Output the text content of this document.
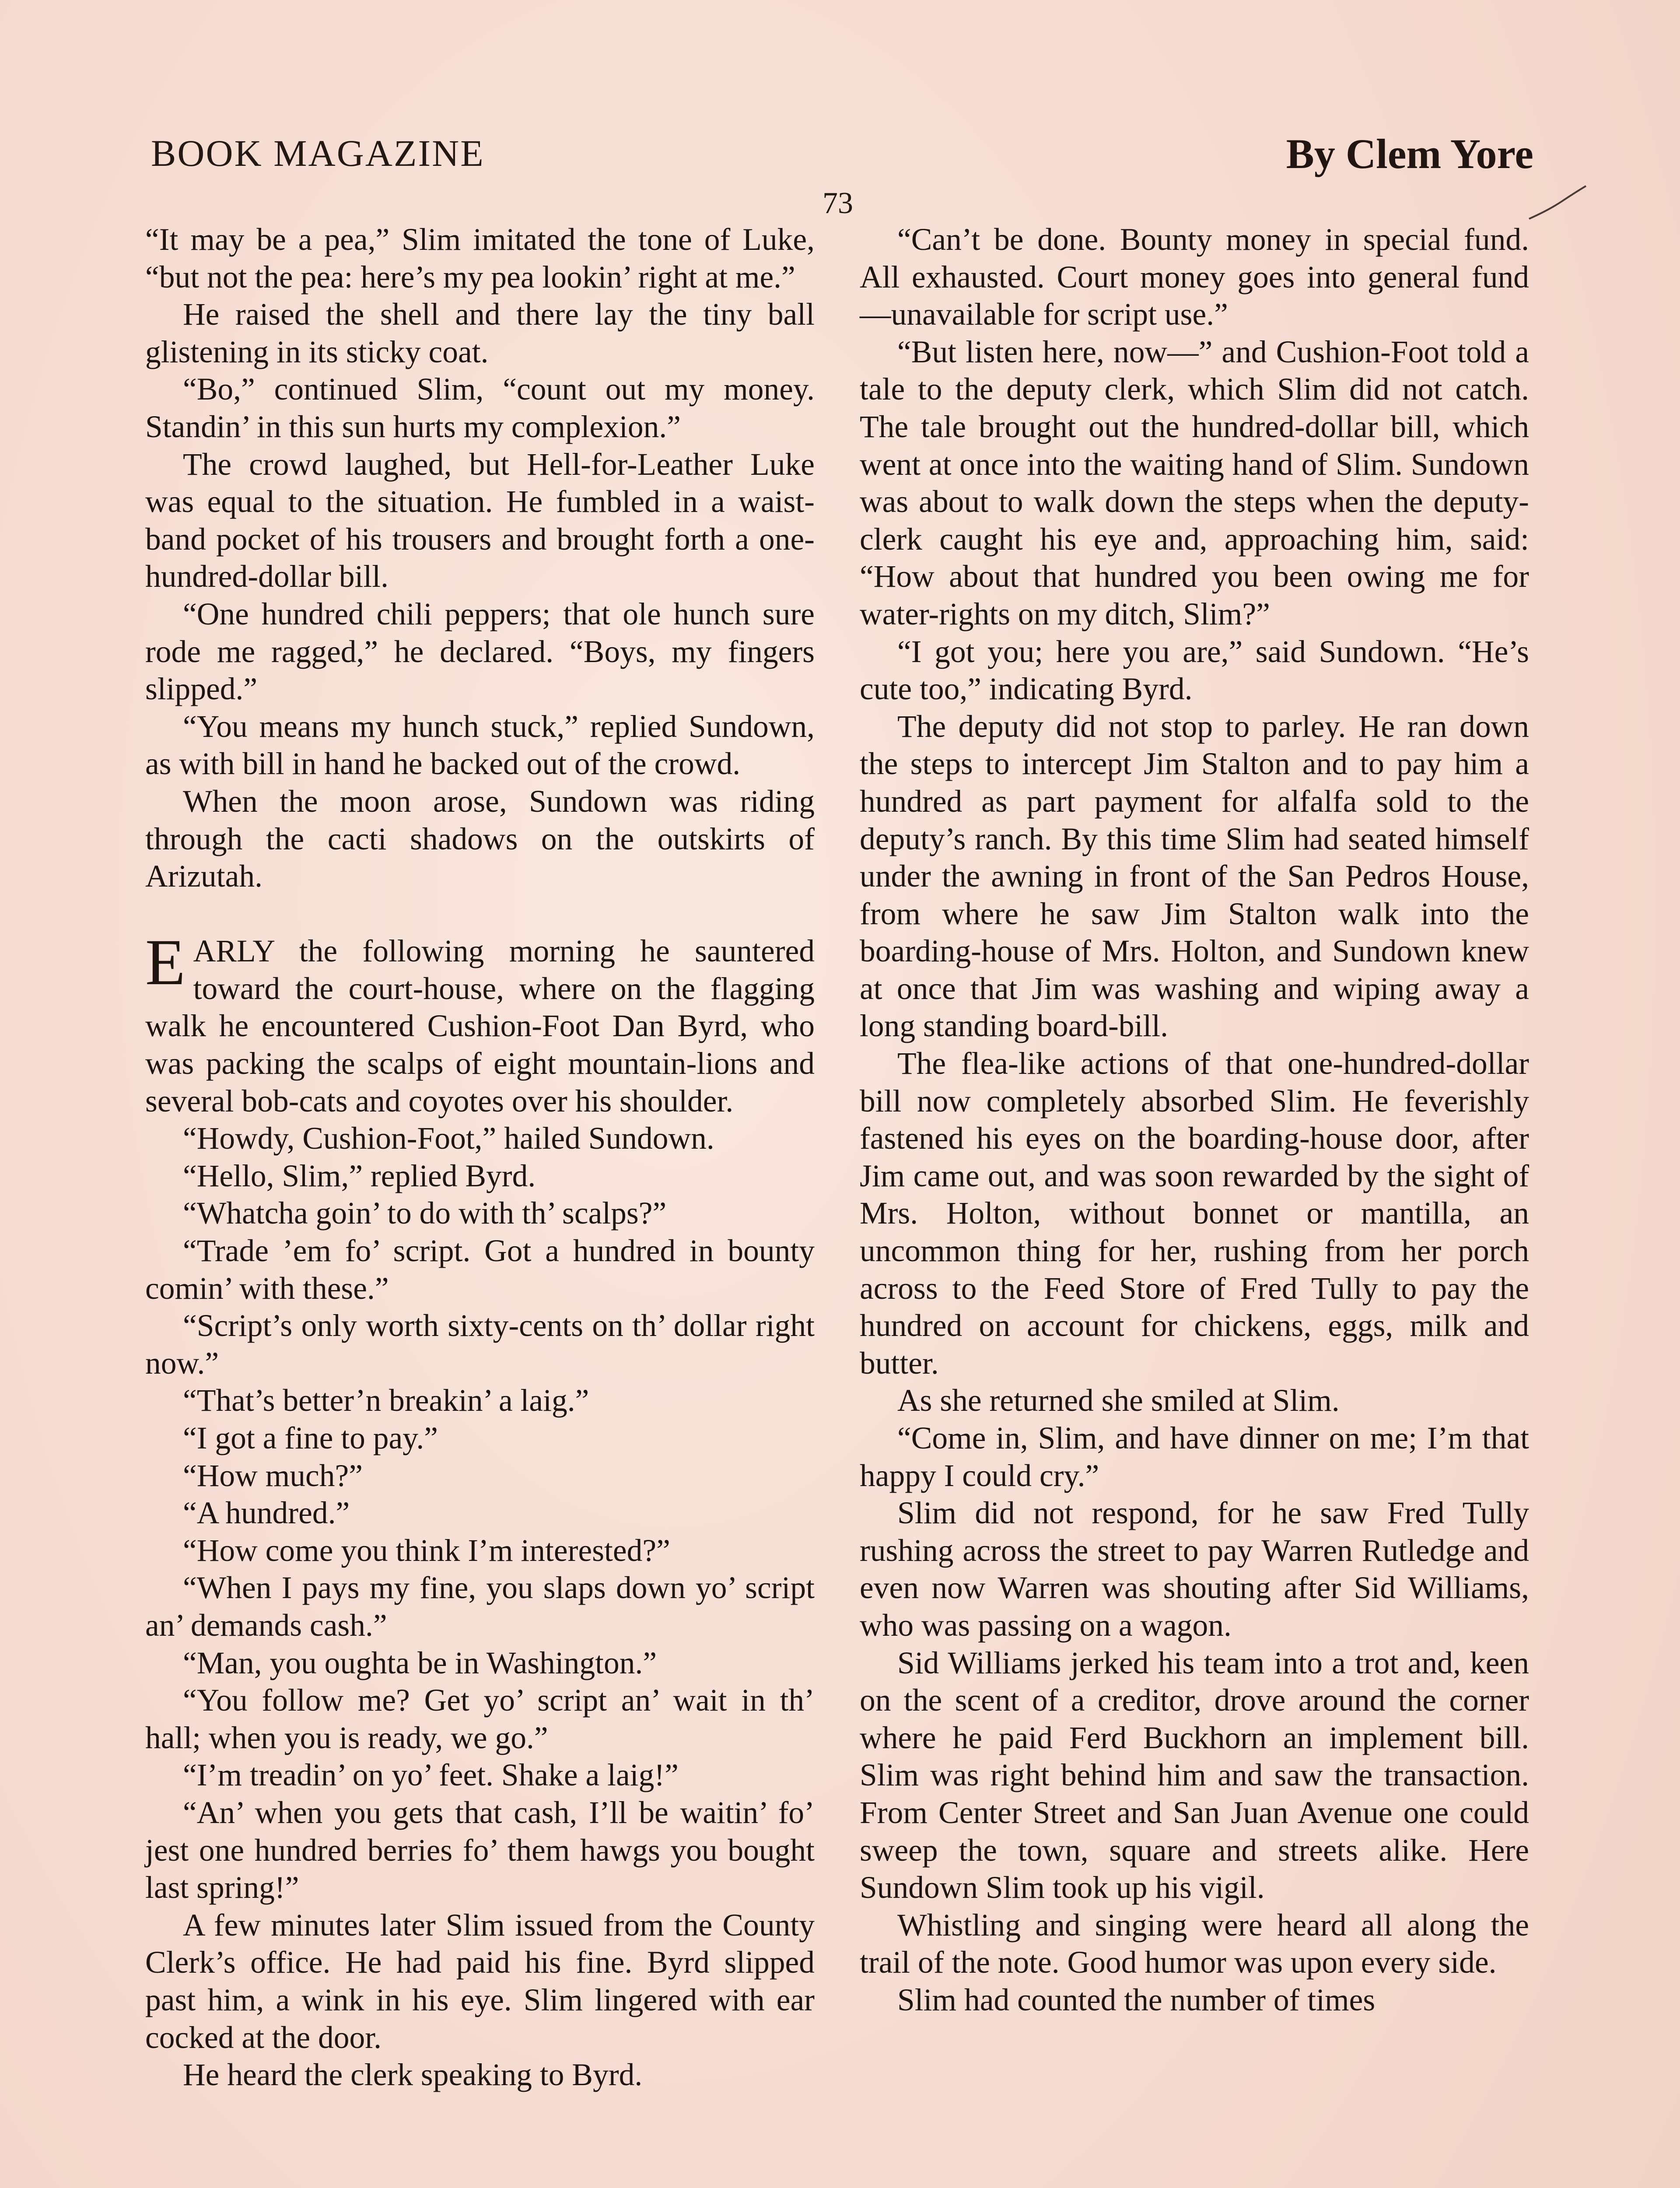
BOOK MAGAZINE	By Clem Yore
73

“It may be a pea,” Slim imitated the tone of Luke, “but not the pea: here’s my pea lookin’ right at me.”

He raised the shell and there lay the tiny ball glistening in its sticky coat.

“Bo,” continued Slim, “count out my money. Standin’ in this sun hurts my complexion.”

The crowd laughed, but Hell-for-Leather Luke was equal to the situation. He fumbled in a waist-band pocket of his trousers and brought forth a one-hundred-dollar bill.

“One hundred chili peppers; that ole hunch sure rode me ragged,” he declared. “Boys, my fingers slipped.”

“You means my hunch stuck,” replied Sundown, as with bill in hand he backed out of the crowd.

When the moon arose, Sundown was riding through the cacti shadows on the outskirts of Arizutah.

EARLY the following morning he sauntered toward the court-house, where on the flagging walk he encountered Cushion-Foot Dan Byrd, who was packing the scalps of eight mountain-lions and several bob-cats and coyotes over his shoulder.

“Howdy, Cushion-Foot,” hailed Sundown.

“Hello, Slim,” replied Byrd.

“Whatcha goin’ to do with th’ scalps?”

“Trade ’em fo’ script. Got a hundred in bounty comin’ with these.”

“Script’s only worth sixty-cents on th’ dollar right now.”

“That’s better’n breakin’ a laig.”

“I got a fine to pay.”

“How much?”

“A hundred.”

“How come you think I’m interested?”

“When I pays my fine, you slaps down yo’ script an’ demands cash.”

“Man, you oughta be in Washington.”

“You follow me? Get yo’ script an’ wait in th’ hall; when you is ready, we go.”

“I’m treadin’ on yo’ feet. Shake a laig!”

“An’ when you gets that cash, I’ll be waitin’ fo’ jest one hundred berries fo’ them hawgs you bought last spring!”

A few minutes later Slim issued from the County Clerk’s office. He had paid his fine. Byrd slipped past him, a wink in his eye. Slim lingered with ear cocked at the door.

He heard the clerk speaking to Byrd.

“Can’t be done. Bounty money in special fund. All exhausted. Court money goes into general fund—unavailable for script use.”

“But listen here, now—” and Cushion-Foot told a tale to the deputy clerk, which Slim did not catch. The tale brought out the hundred-dollar bill, which went at once into the waiting hand of Slim. Sundown was about to walk down the steps when the deputy-clerk caught his eye and, approaching him, said: “How about that hundred you been owing me for water-rights on my ditch, Slim?”

“I got you; here you are,” said Sundown. “He’s cute too,” indicating Byrd.

The deputy did not stop to parley. He ran down the steps to intercept Jim Stalton and to pay him a hundred as part payment for alfalfa sold to the deputy’s ranch. By this time Slim had seated himself under the awning in front of the San Pedros House, from where he saw Jim Stalton walk into the boarding-house of Mrs. Holton, and Sundown knew at once that Jim was washing and wiping away a long standing board-bill.

The flea-like actions of that one-hundred-dollar bill now completely absorbed Slim. He feverishly fastened his eyes on the boarding-house door, after Jim came out, and was soon rewarded by the sight of Mrs. Holton, without bonnet or mantilla, an uncommon thing for her, rushing from her porch across to the Feed Store of Fred Tully to pay the hundred on account for chickens, eggs, milk and butter.

As she returned she smiled at Slim.

“Come in, Slim, and have dinner on me; I’m that happy I could cry.”

Slim did not respond, for he saw Fred Tully rushing across the street to pay Warren Rutledge and even now Warren was shouting after Sid Williams, who was passing on a wagon.

Sid Williams jerked his team into a trot and, keen on the scent of a creditor, drove around the corner where he paid Ferd Buckhorn an implement bill. Slim was right behind him and saw the transaction. From Center Street and San Juan Avenue one could sweep the town, square and streets alike. Here Sundown Slim took up his vigil.

Whistling and singing were heard all along the trail of the note. Good humor was upon every side.

Slim had counted the number of times
